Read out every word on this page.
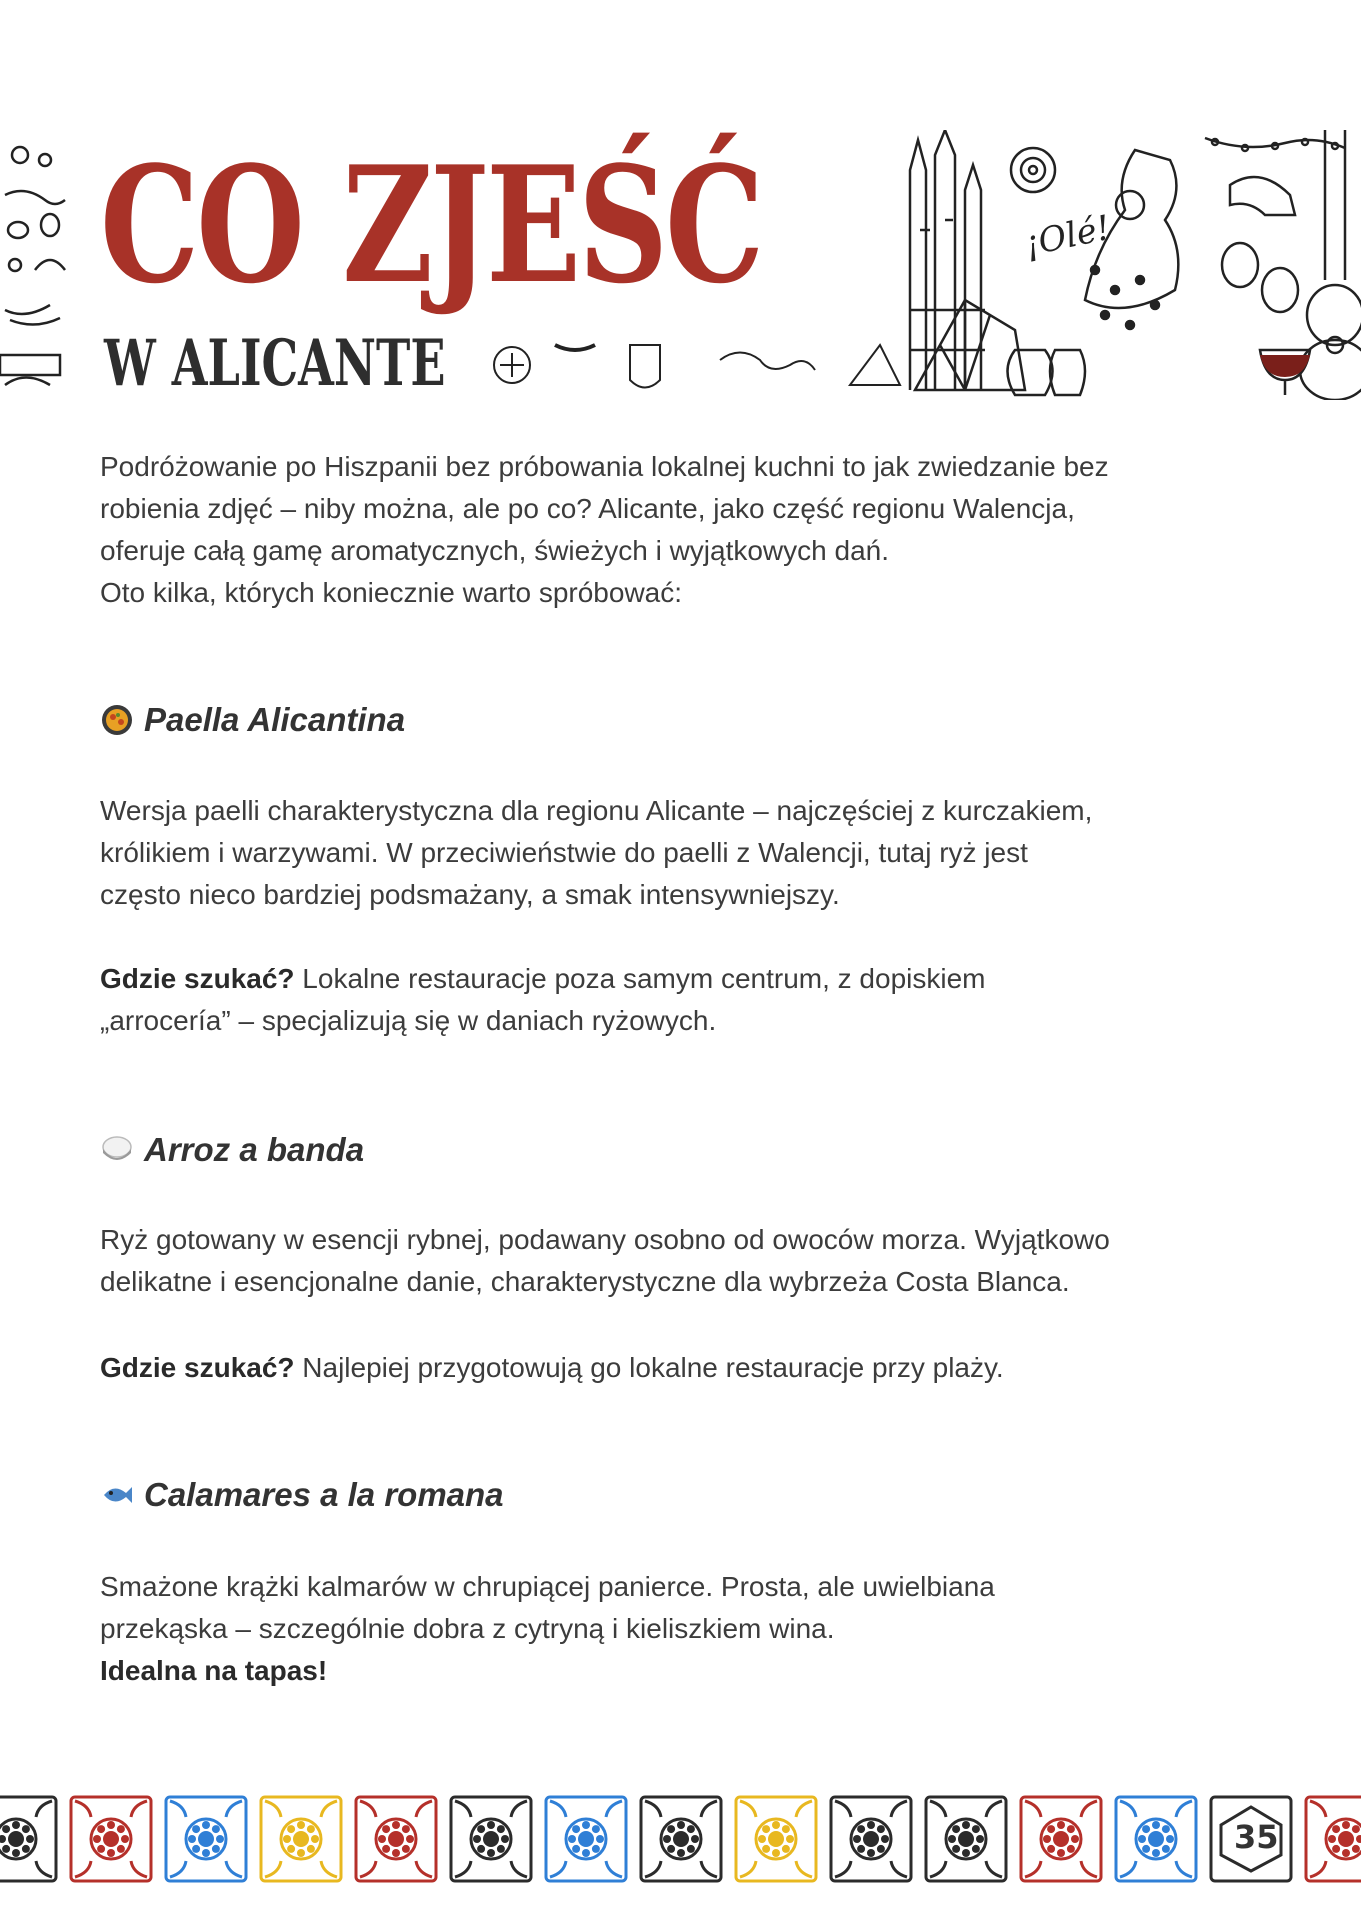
CO ZJEŚĆ
W ALICANTE
¡Olé!

Podróżowanie po Hiszpanii bez próbowania lokalnej kuchni to jak zwiedzanie bez

robienia zdjęć – niby można, ale po co? Alicante, jako część regionu Walencja,

oferuje całą gamę aromatycznych, świeżych i wyjątkowych dań.

Oto kilka, których koniecznie warto spróbować:

Paella Alicantina

Wersja paelli charakterystyczna dla regionu Alicante – najczęściej z kurczakiem,

królikiem i warzywami. W przeciwieństwie do paelli z Walencji, tutaj ryż jest

często nieco bardziej podsmażany, a smak intensywniejszy.

Gdzie szukać? Lokalne restauracje poza samym centrum, z dopiskiem

„arrocería” – specjalizują się w daniach ryżowych.

Arroz a banda

Ryż gotowany w esencji rybnej, podawany osobno od owoców morza. Wyjątkowo

delikatne i esencjonalne danie, charakterystyczne dla wybrzeża Costa Blanca.

Gdzie szukać? Najlepiej przygotowują go lokalne restauracje przy plaży.

Calamares a la romana

Smażone krążki kalmarów w chrupiącej panierce. Prosta, ale uwielbiana

przekąska – szczególnie dobra z cytryną i kieliszkiem wina.

Idealna na tapas!

35
